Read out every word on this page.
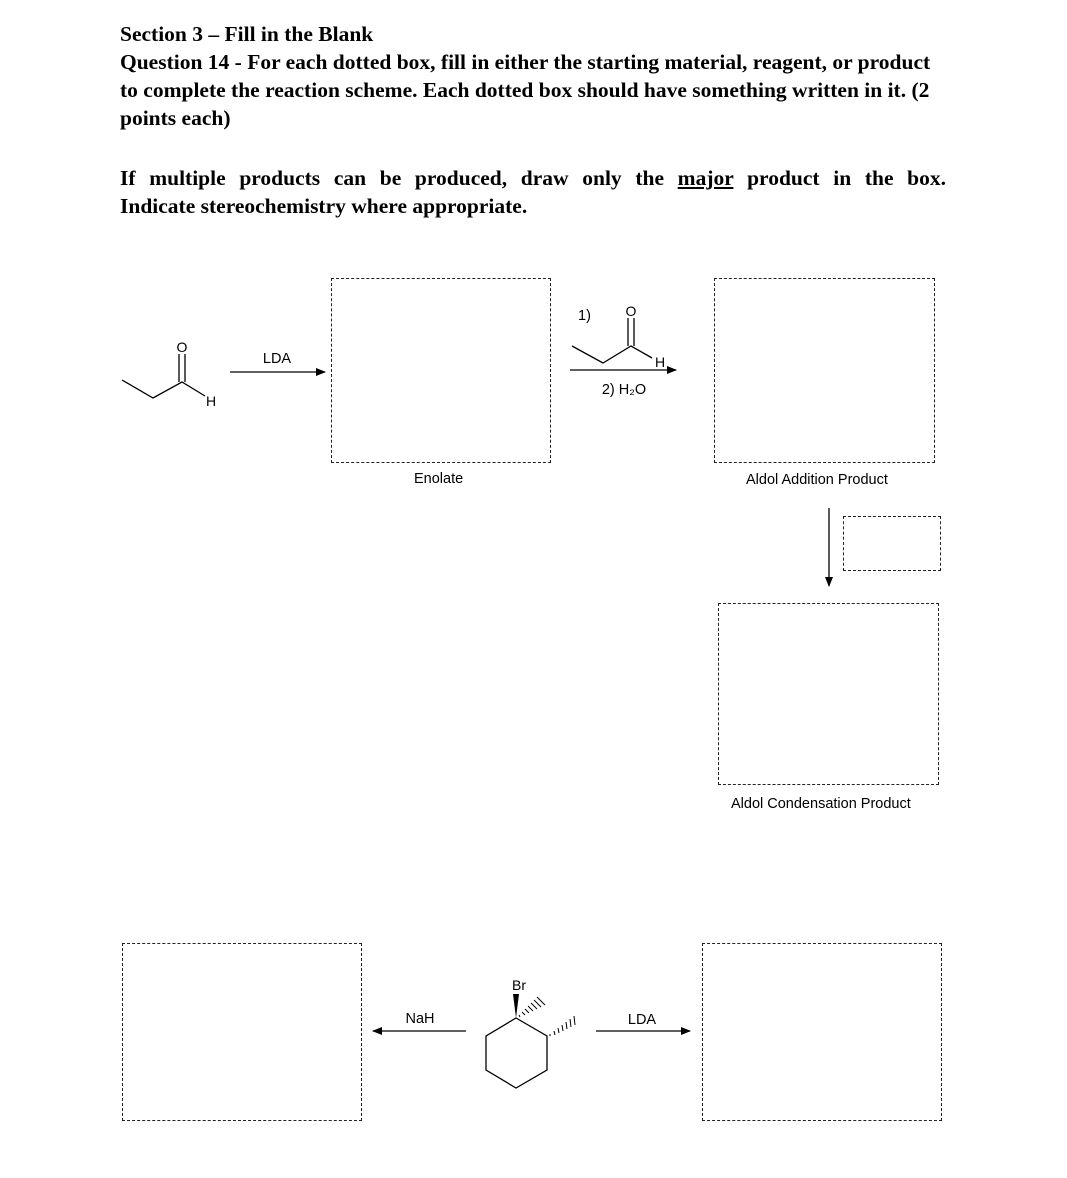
Section 3 – Fill in the Blank
Question 14 - For each dotted box, fill in either the starting material, reagent, or product to complete the reaction scheme. Each dotted box should have something written in it. (2 points each)
If multiple products can be produced, draw only the major product in the box.
Indicate stereochemistry where appropriate.
Enolate	Aldol Addition Product
Aldol Condensation Product
O
H
LDA
1) O
H
2) H₂O
NaH	LDA
Br
